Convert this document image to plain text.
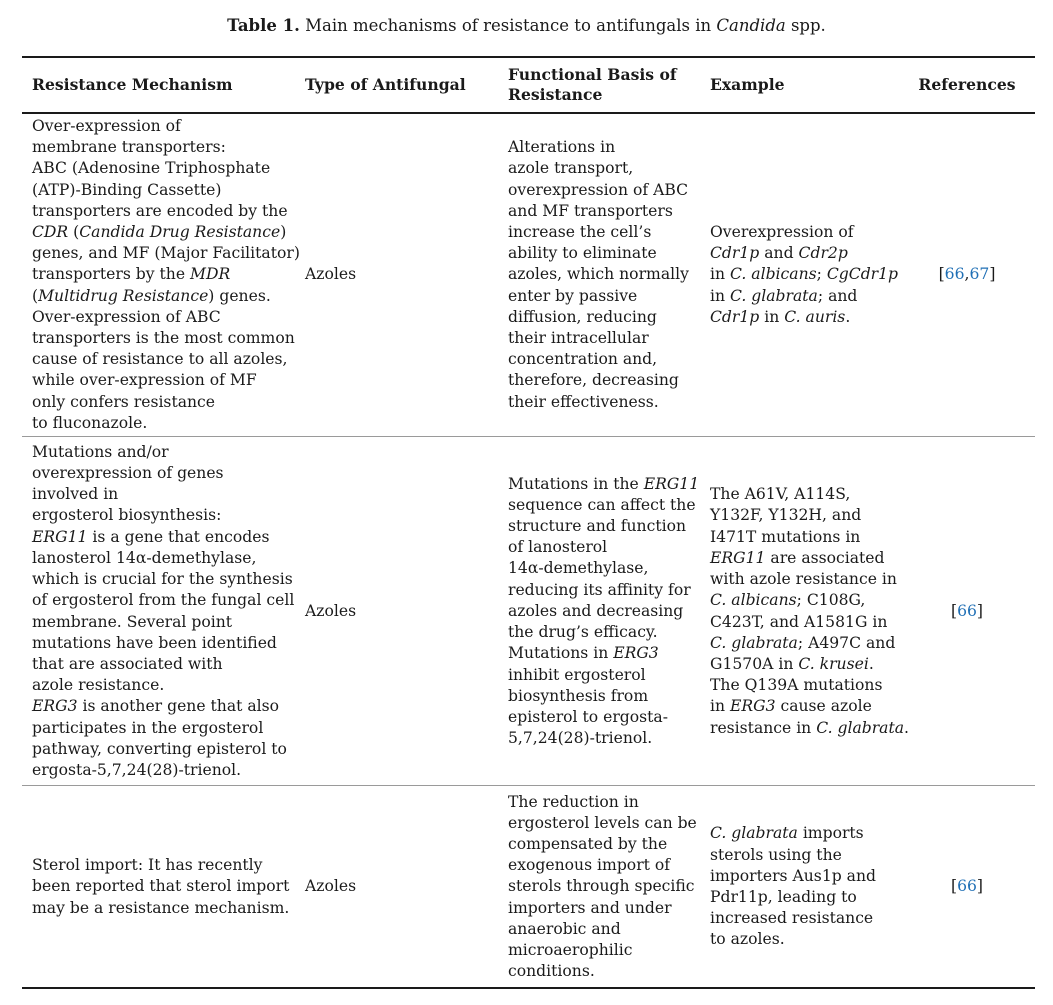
Table 1. Main mechanisms of resistance to antifungals in Candida spp.
Resistance Mechanism	Type of Antifungal
Functional Basis of
Resistance
Example	References
Over-expression of
membrane transporters:
ABC (Adenosine Triphosphate
(ATP)-Binding Cassette)
transporters are encoded by the
CDR (Candida Drug Resistance)
genes, and MF (Major Facilitator)
transporters by the MDR
(Multidrug Resistance) genes.
Over-expression of ABC
transporters is the most common
cause of resistance to all azoles,
while over-expression of MF
only confers resistance
to fluconazole.
Azoles
Alterations in
azole transport,
overexpression of ABC
and MF transporters
increase the cell’s
ability to eliminate
azoles, which normally
enter by passive
diffusion, reducing
their intracellular
concentration and,
therefore, decreasing
their effectiveness.
Overexpression of
Cdr1p and Cdr2p
in C. albicans; CgCdr1p
in C. glabrata; and
Cdr1p in C. auris.
[66,67]
Mutations and/or
overexpression of genes
involved in
ergosterol biosynthesis:
ERG11 is a gene that encodes
lanosterol 14α-demethylase,
which is crucial for the synthesis
of ergosterol from the fungal cell
membrane. Several point
mutations have been identified
that are associated with
azole resistance.
ERG3 is another gene that also
participates in the ergosterol
pathway, converting episterol to
ergosta-5,7,24(28)-trienol.
Azoles
Mutations in the ERG11
sequence can affect the
structure and function
of lanosterol
14α-demethylase,
reducing its affinity for
azoles and decreasing
the drug’s efficacy.
Mutations in ERG3
inhibit ergosterol
biosynthesis from
episterol to ergosta-
5,7,24(28)-trienol.
The A61V, A114S,
Y132F, Y132H, and
I471T mutations in
ERG11 are associated
with azole resistance in
C. albicans; C108G,
C423T, and A1581G in
C. glabrata; A497C and
G1570A in C. krusei.
The Q139A mutations
in ERG3 cause azole
resistance in C. glabrata.
[66]
Sterol import: It has recently
been reported that sterol import
may be a resistance mechanism.
Azoles
The reduction in
ergosterol levels can be
compensated by the
exogenous import of
sterols through specific
importers and under
anaerobic and
microaerophilic
conditions.
C. glabrata imports
sterols using the
importers Aus1p and
Pdr11p, leading to
increased resistance
to azoles.
[66]
